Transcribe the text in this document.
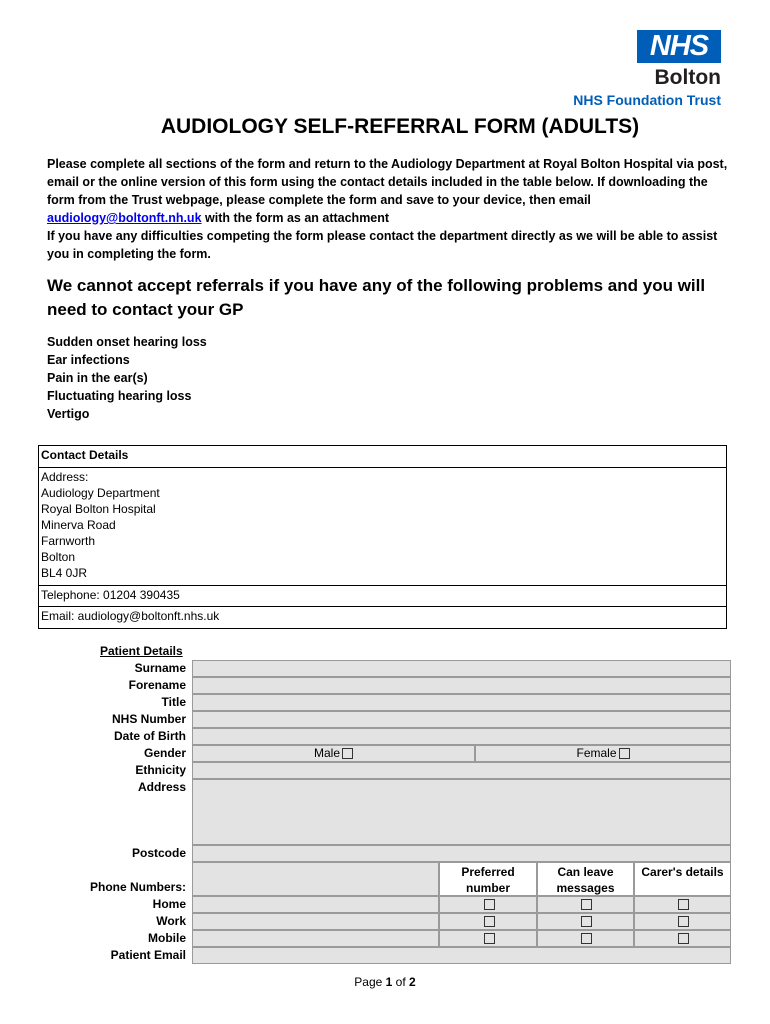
NHS
Bolton
NHS Foundation Trust
AUDIOLOGY SELF-REFERRAL FORM (ADULTS)

Please complete all sections of the form and return to the Audiology Department at Royal Bolton Hospital via post, email or the online version of this form using the contact details included in the table below. If downloading the form from the Trust webpage, please complete the form and save to your device, then email audiology@boltonft.nh.uk with the form as an attachment

If you have any difficulties competing the form please contact the department directly as we will be able to assist you in completing the form.

We cannot accept referrals if you have any of the following problems and you will need to contact your GP
Sudden onset hearing loss
Ear infections
Pain in the ear(s)
Fluctuating hearing loss
Vertigo
Contact Details
Address:
Audiology Department
Royal Bolton Hospital
Minerva Road
Farnworth
Bolton
BL4 0JR
Telephone: 01204 390435
Email: audiology@boltonft.nhs.uk
Patient Details
Surname
Forename
Title
NHS Number
Date of Birth
Gender	Male	Female
Ethnicity
Address
Postcode
Phone Numbers:
Preferred number
Can leave messages
Carer's details
Home
Work
Mobile
Patient Email
Page 1 of 2
